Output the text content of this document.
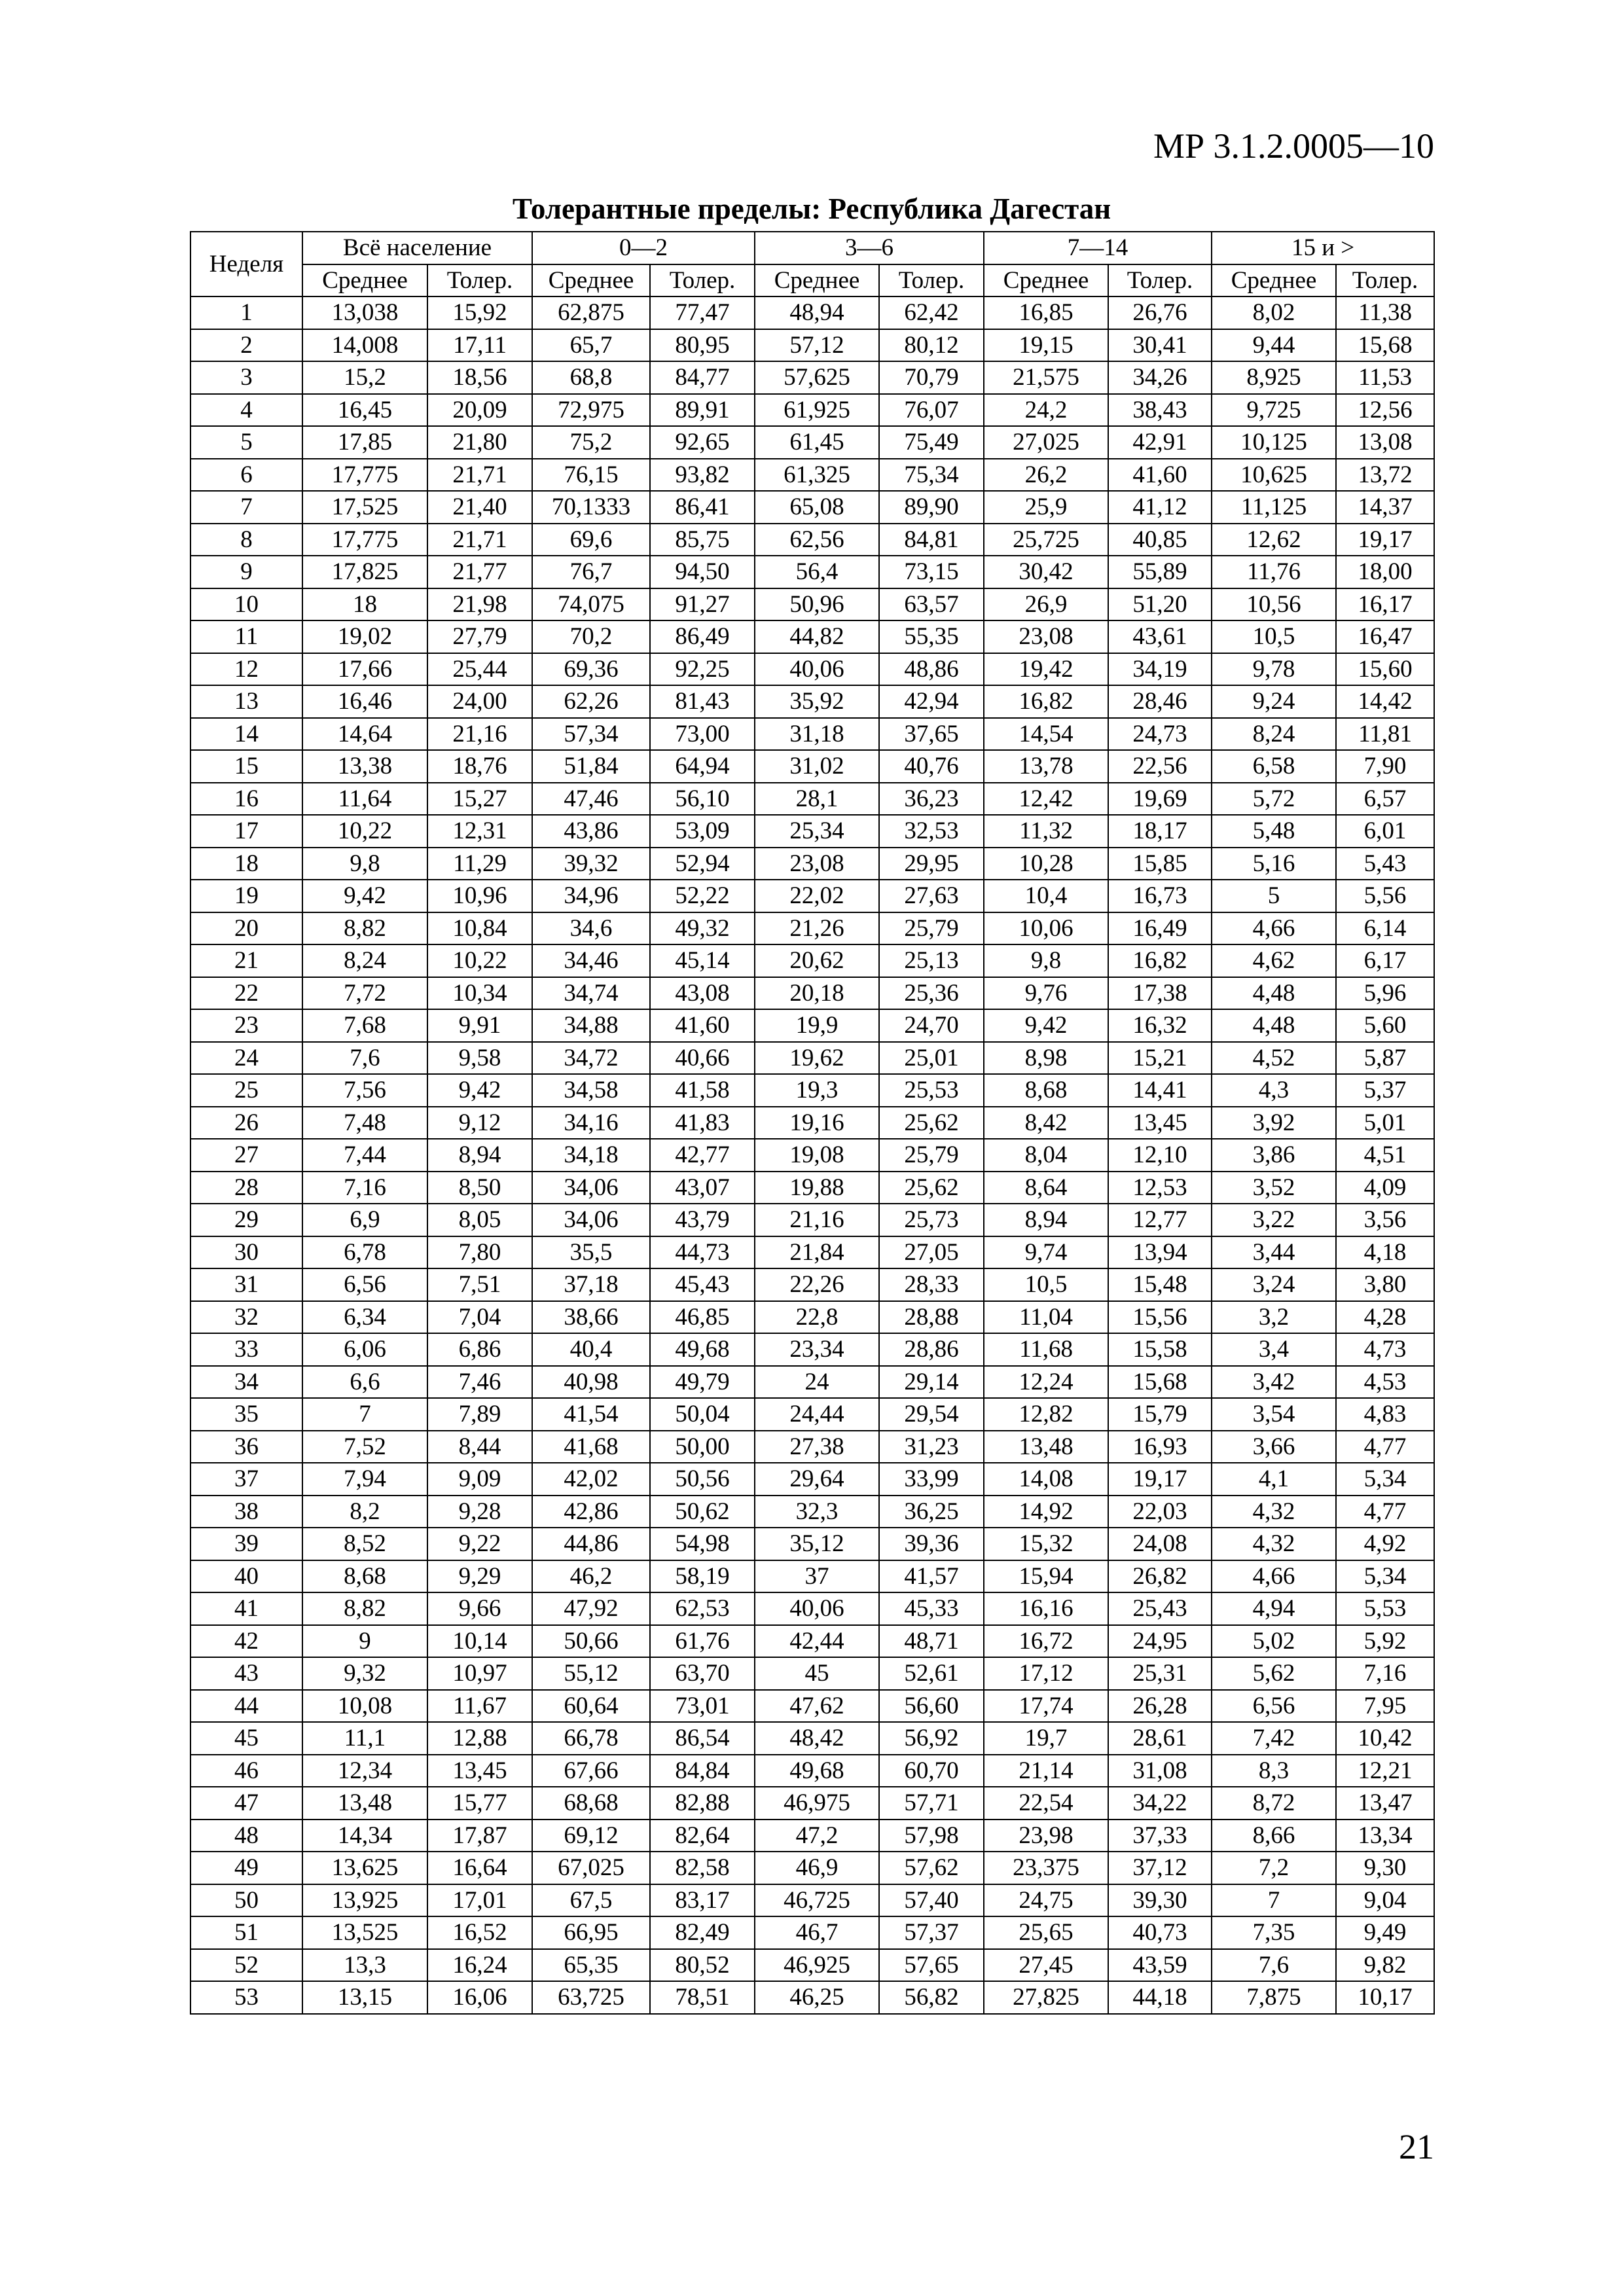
МР 3.1.2.0005—10
Толерантные пределы: Республика Дагестан
Неделя	Всё население		0—2		3—6		7—14		15 и >	
	Среднее	Толер.	Среднее	Толер.	Среднее	Толер.	Среднее	Толер.	Среднее	Толер.
1	13,038	15,92	62,875	77,47	48,94	62,42	16,85	26,76	8,02	11,38
2	14,008	17,11	65,7	80,95	57,12	80,12	19,15	30,41	9,44	15,68
3	15,2	18,56	68,8	84,77	57,625	70,79	21,575	34,26	8,925	11,53
4	16,45	20,09	72,975	89,91	61,925	76,07	24,2	38,43	9,725	12,56
5	17,85	21,80	75,2	92,65	61,45	75,49	27,025	42,91	10,125	13,08
6	17,775	21,71	76,15	93,82	61,325	75,34	26,2	41,60	10,625	13,72
7	17,525	21,40	70,1333	86,41	65,08	89,90	25,9	41,12	11,125	14,37
8	17,775	21,71	69,6	85,75	62,56	84,81	25,725	40,85	12,62	19,17
9	17,825	21,77	76,7	94,50	56,4	73,15	30,42	55,89	11,76	18,00
10	18	21,98	74,075	91,27	50,96	63,57	26,9	51,20	10,56	16,17
11	19,02	27,79	70,2	86,49	44,82	55,35	23,08	43,61	10,5	16,47
12	17,66	25,44	69,36	92,25	40,06	48,86	19,42	34,19	9,78	15,60
13	16,46	24,00	62,26	81,43	35,92	42,94	16,82	28,46	9,24	14,42
14	14,64	21,16	57,34	73,00	31,18	37,65	14,54	24,73	8,24	11,81
15	13,38	18,76	51,84	64,94	31,02	40,76	13,78	22,56	6,58	7,90
16	11,64	15,27	47,46	56,10	28,1	36,23	12,42	19,69	5,72	6,57
17	10,22	12,31	43,86	53,09	25,34	32,53	11,32	18,17	5,48	6,01
18	9,8	11,29	39,32	52,94	23,08	29,95	10,28	15,85	5,16	5,43
19	9,42	10,96	34,96	52,22	22,02	27,63	10,4	16,73	5	5,56
20	8,82	10,84	34,6	49,32	21,26	25,79	10,06	16,49	4,66	6,14
21	8,24	10,22	34,46	45,14	20,62	25,13	9,8	16,82	4,62	6,17
22	7,72	10,34	34,74	43,08	20,18	25,36	9,76	17,38	4,48	5,96
23	7,68	9,91	34,88	41,60	19,9	24,70	9,42	16,32	4,48	5,60
24	7,6	9,58	34,72	40,66	19,62	25,01	8,98	15,21	4,52	5,87
25	7,56	9,42	34,58	41,58	19,3	25,53	8,68	14,41	4,3	5,37
26	7,48	9,12	34,16	41,83	19,16	25,62	8,42	13,45	3,92	5,01
27	7,44	8,94	34,18	42,77	19,08	25,79	8,04	12,10	3,86	4,51
28	7,16	8,50	34,06	43,07	19,88	25,62	8,64	12,53	3,52	4,09
29	6,9	8,05	34,06	43,79	21,16	25,73	8,94	12,77	3,22	3,56
30	6,78	7,80	35,5	44,73	21,84	27,05	9,74	13,94	3,44	4,18
31	6,56	7,51	37,18	45,43	22,26	28,33	10,5	15,48	3,24	3,80
32	6,34	7,04	38,66	46,85	22,8	28,88	11,04	15,56	3,2	4,28
33	6,06	6,86	40,4	49,68	23,34	28,86	11,68	15,58	3,4	4,73
34	6,6	7,46	40,98	49,79	24	29,14	12,24	15,68	3,42	4,53
35	7	7,89	41,54	50,04	24,44	29,54	12,82	15,79	3,54	4,83
36	7,52	8,44	41,68	50,00	27,38	31,23	13,48	16,93	3,66	4,77
37	7,94	9,09	42,02	50,56	29,64	33,99	14,08	19,17	4,1	5,34
38	8,2	9,28	42,86	50,62	32,3	36,25	14,92	22,03	4,32	4,77
39	8,52	9,22	44,86	54,98	35,12	39,36	15,32	24,08	4,32	4,92
40	8,68	9,29	46,2	58,19	37	41,57	15,94	26,82	4,66	5,34
41	8,82	9,66	47,92	62,53	40,06	45,33	16,16	25,43	4,94	5,53
42	9	10,14	50,66	61,76	42,44	48,71	16,72	24,95	5,02	5,92
43	9,32	10,97	55,12	63,70	45	52,61	17,12	25,31	5,62	7,16
44	10,08	11,67	60,64	73,01	47,62	56,60	17,74	26,28	6,56	7,95
45	11,1	12,88	66,78	86,54	48,42	56,92	19,7	28,61	7,42	10,42
46	12,34	13,45	67,66	84,84	49,68	60,70	21,14	31,08	8,3	12,21
47	13,48	15,77	68,68	82,88	46,975	57,71	22,54	34,22	8,72	13,47
48	14,34	17,87	69,12	82,64	47,2	57,98	23,98	37,33	8,66	13,34
49	13,625	16,64	67,025	82,58	46,9	57,62	23,375	37,12	7,2	9,30
50	13,925	17,01	67,5	83,17	46,725	57,40	24,75	39,30	7	9,04
51	13,525	16,52	66,95	82,49	46,7	57,37	25,65	40,73	7,35	9,49
52	13,3	16,24	65,35	80,52	46,925	57,65	27,45	43,59	7,6	9,82
53	13,15	16,06	63,725	78,51	46,25	56,82	27,825	44,18	7,875	10,17
21
